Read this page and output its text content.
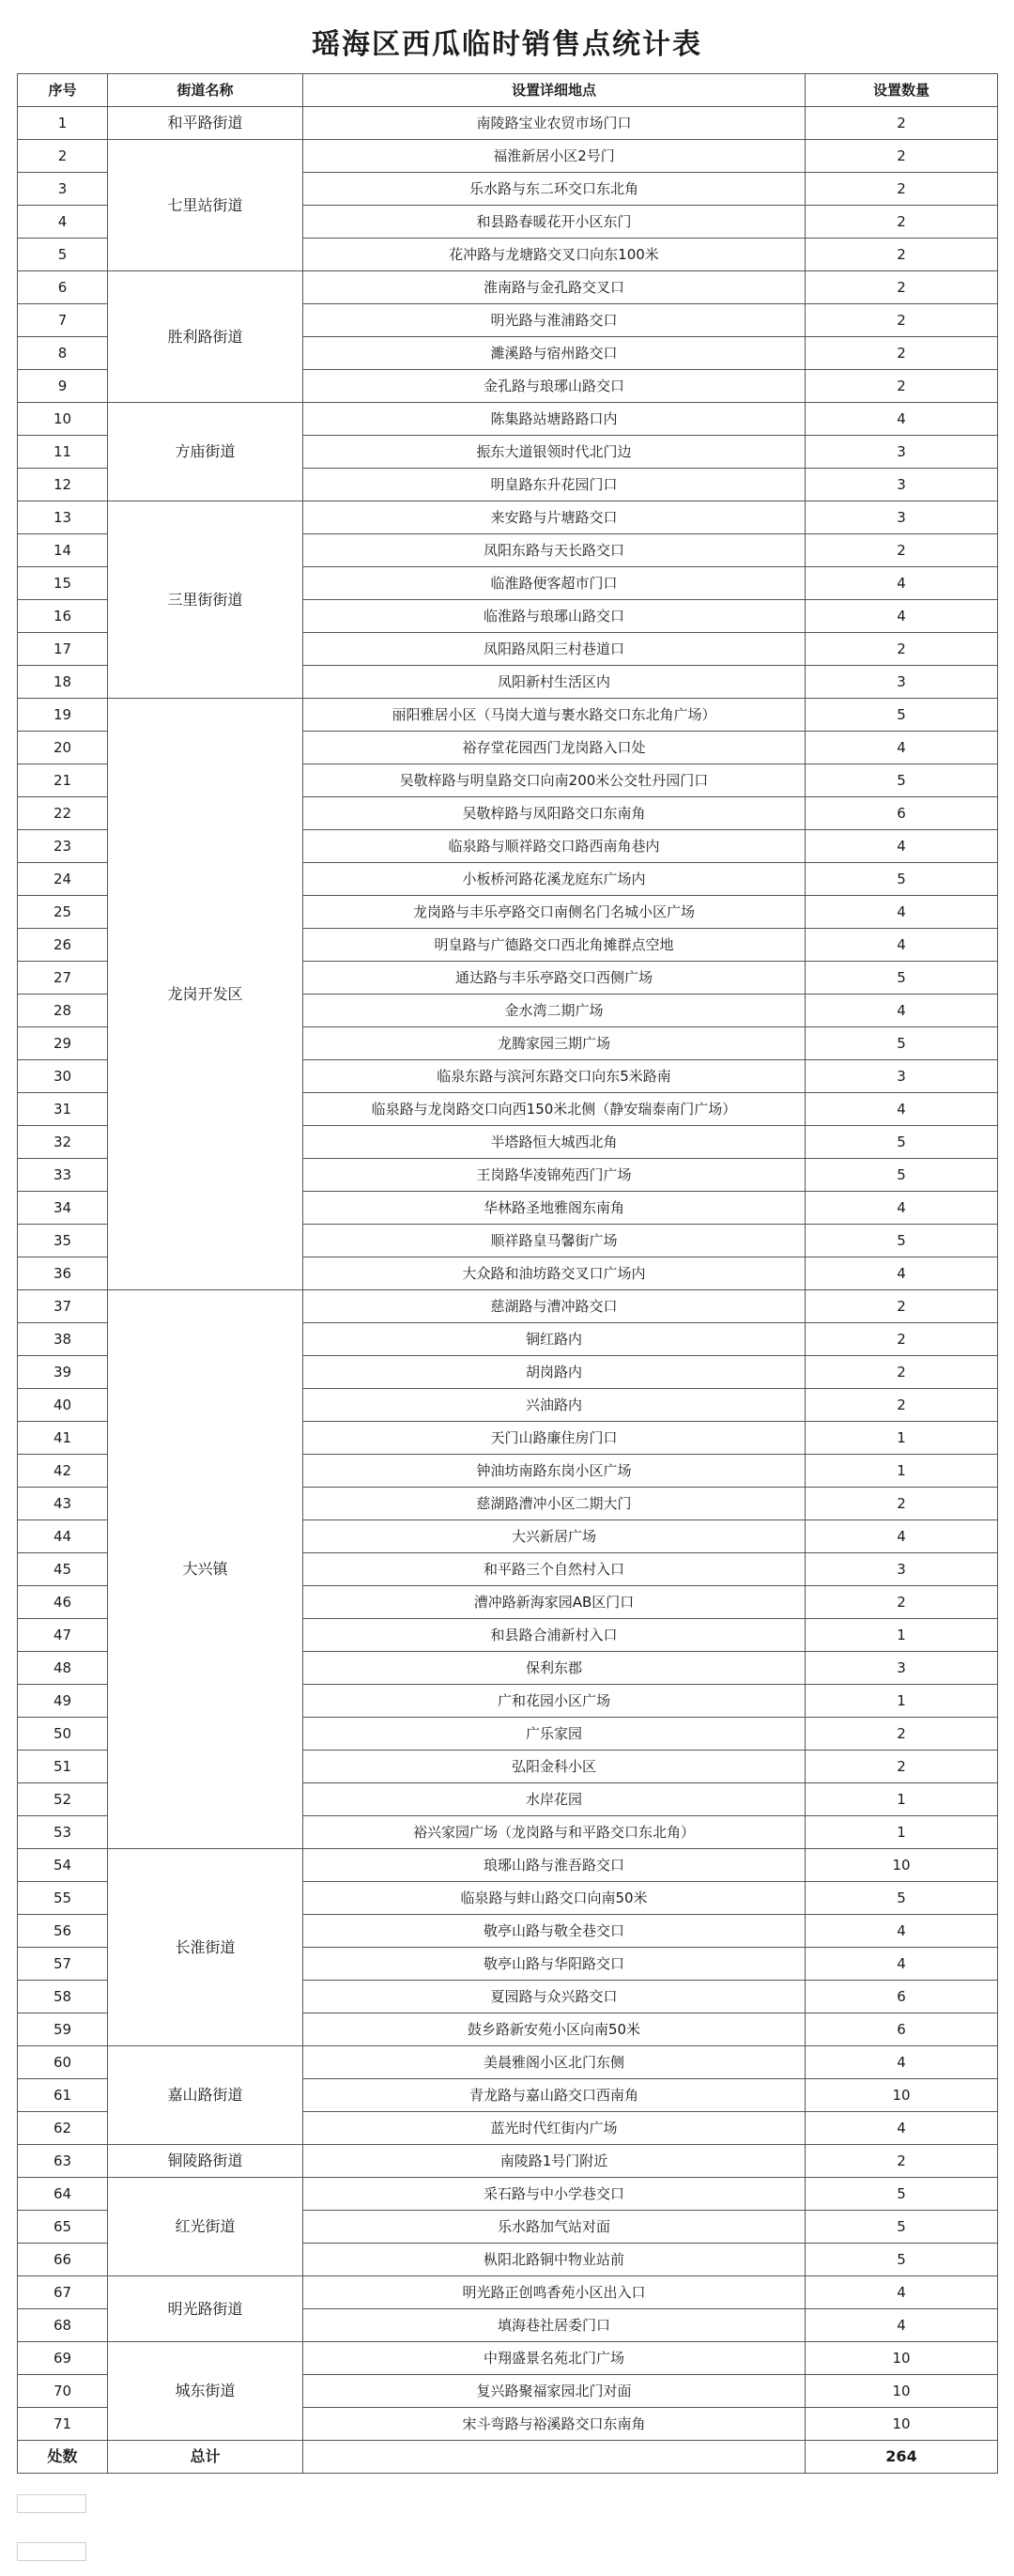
瑶海区西瓜临时销售点统计表
序号	街道名称	设置详细地点	设置数量
1	和平路街道	南陵路宝业农贸市场门口	2
2	七里站街道	福淮新居小区2号门	2
3		乐水路与东二环交口东北角	2
4		和县路春暖花开小区东门	2
5		花冲路与龙塘路交叉口向东100米	2
6	胜利路街道	淮南路与金孔路交叉口	2
7		明光路与淮浦路交口	2
8		濉溪路与宿州路交口	2
9		金孔路与琅琊山路交口	2
10	方庙街道	陈集路站塘路路口内	4
11		振东大道银领时代北门边	3
12		明皇路东升花园门口	3
13	三里街街道	来安路与片塘路交口	3
14		凤阳东路与天长路交口	2
15		临淮路便客超市门口	4
16		临淮路与琅琊山路交口	4
17		凤阳路凤阳三村巷道口	2
18		凤阳新村生活区内	3
19	龙岗开发区	丽阳雅居小区（马岗大道与裹水路交口东北角广场）	5
20		裕存堂花园西门龙岗路入口处	4
21		吴敬梓路与明皇路交口向南200米公交牡丹园门口	5
22		吴敬梓路与凤阳路交口东南角	6
23		临泉路与顺祥路交口路西南角巷内	4
24		小板桥河路花溪龙庭东广场内	5
25		龙岗路与丰乐亭路交口南侧名门名城小区广场	4
26		明皇路与广德路交口西北角摊群点空地	4
27		通达路与丰乐亭路交口西侧广场	5
28		金水湾二期广场	4
29		龙腾家园三期广场	5
30		临泉东路与滨河东路交口向东5米路南	3
31		临泉路与龙岗路交口向西150米北侧（静安瑞泰南门广场）	4
32		半塔路恒大城西北角	5
33		王岗路华凌锦苑西门广场	5
34		华林路圣地雅阁东南角	4
35		顺祥路皇马馨街广场	5
36		大众路和油坊路交叉口广场内	4
37	大兴镇	慈湖路与漕冲路交口	2
38		铜红路内	2
39		胡岗路内	2
40		兴油路内	2
41		天门山路廉住房门口	1
42		钟油坊南路东岗小区广场	1
43		慈湖路漕冲小区二期大门	2
44		大兴新居广场	4
45		和平路三个自然村入口	3
46		漕冲路新海家园AB区门口	2
47		和县路合浦新村入口	1
48		保利东郡	3
49		广和花园小区广场	1
50		广乐家园	2
51		弘阳金科小区	2
52		水岸花园	1
53		裕兴家园广场（龙岗路与和平路交口东北角）	1
54	长淮街道	琅琊山路与淮吾路交口	10
55		临泉路与蚌山路交口向南50米	5
56		敬亭山路与敬全巷交口	4
57		敬亭山路与华阳路交口	4
58		夏园路与众兴路交口	6
59		鼓乡路新安苑小区向南50米	6
60	嘉山路街道	美晨雅阁小区北门东侧	4
61		青龙路与嘉山路交口西南角	10
62		蓝光时代红街内广场	4
63	铜陵路街道	南陵路1号门附近	2
64	红光街道	采石路与中小学巷交口	5
65		乐水路加气站对面	5
66		枞阳北路铜中物业站前	5
67	明光路街道	明光路正创鸣香苑小区出入口	4
68		填海巷社居委门口	4
69	城东街道	中翔盛景名苑北门广场	10
70		复兴路聚福家园北门对面	10
71		宋斗弯路与裕溪路交口东南角	10
处数	总计		264
